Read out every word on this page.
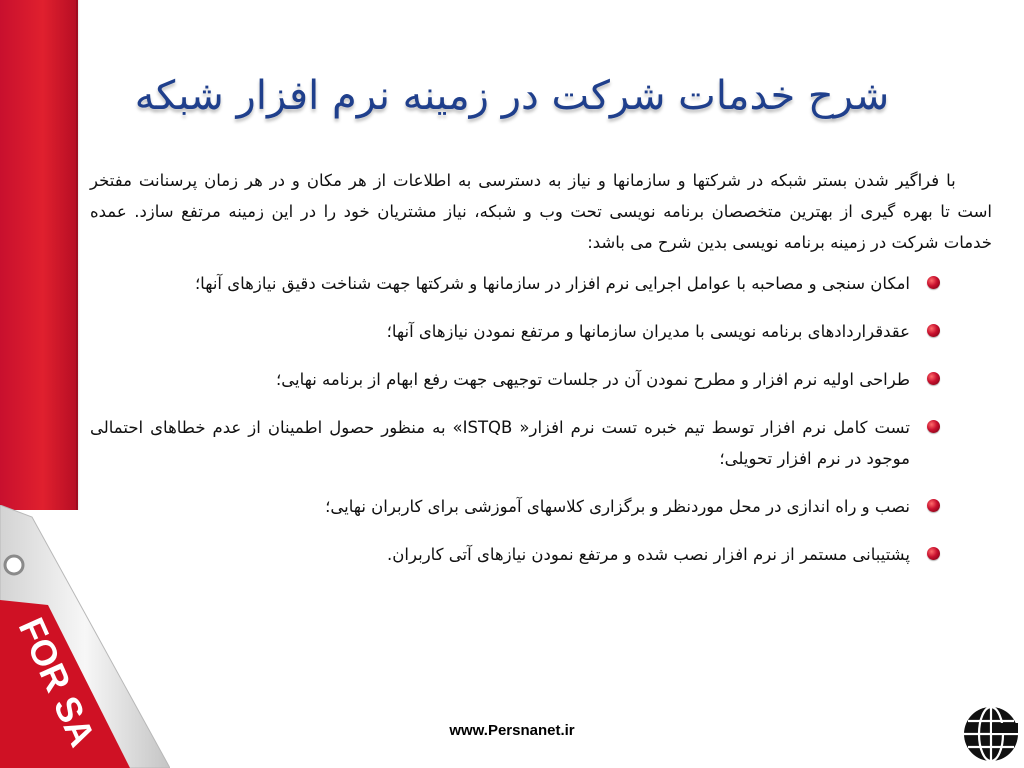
FOR SA
شرح خدمات شرکت در زمینه نرم افزار شبکه

با فراگیر شدن بستر شبکه در شرکتها و سازمانها و نیاز به دسترسی به اطلاعات از هر مکان و در هر زمان پرسنانت مفتخر است تا بهره گیری از بهترین متخصصان برنامه نویسی تحت وب و شبکه، نیاز مشتریان خود را در این زمینه مرتفع سازد. عمده خدمات شرکت در زمینه برنامه نویسی بدین شرح می باشد:

امکان سنجی و مصاحبه با عوامل اجرایی نرم افزار در سازمانها و شرکتها جهت شناخت دقیق نیازهای آنها؛
عقدقراردادهای برنامه نویسی با مدیران سازمانها و مرتفع نمودن نیازهای آنها؛
طراحی اولیه نرم افزار و مطرح نمودن آن در جلسات توجیهی جهت رفع ابهام از برنامه نهایی؛
تست کامل نرم افزار توسط تیم خبره تست نرم افزار« ISTQB» به منظور حصول اطمینان از عدم خطاهای احتمالی موجود در نرم افزار تحویلی؛
نصب و راه اندازی در محل موردنظر و برگزاری کلاسهای آموزشی برای کاربران نهایی؛
پشتیبانی مستمر از نرم افزار نصب شده و مرتفع نمودن نیازهای آتی کاربران.
www.Persnanet.ir
